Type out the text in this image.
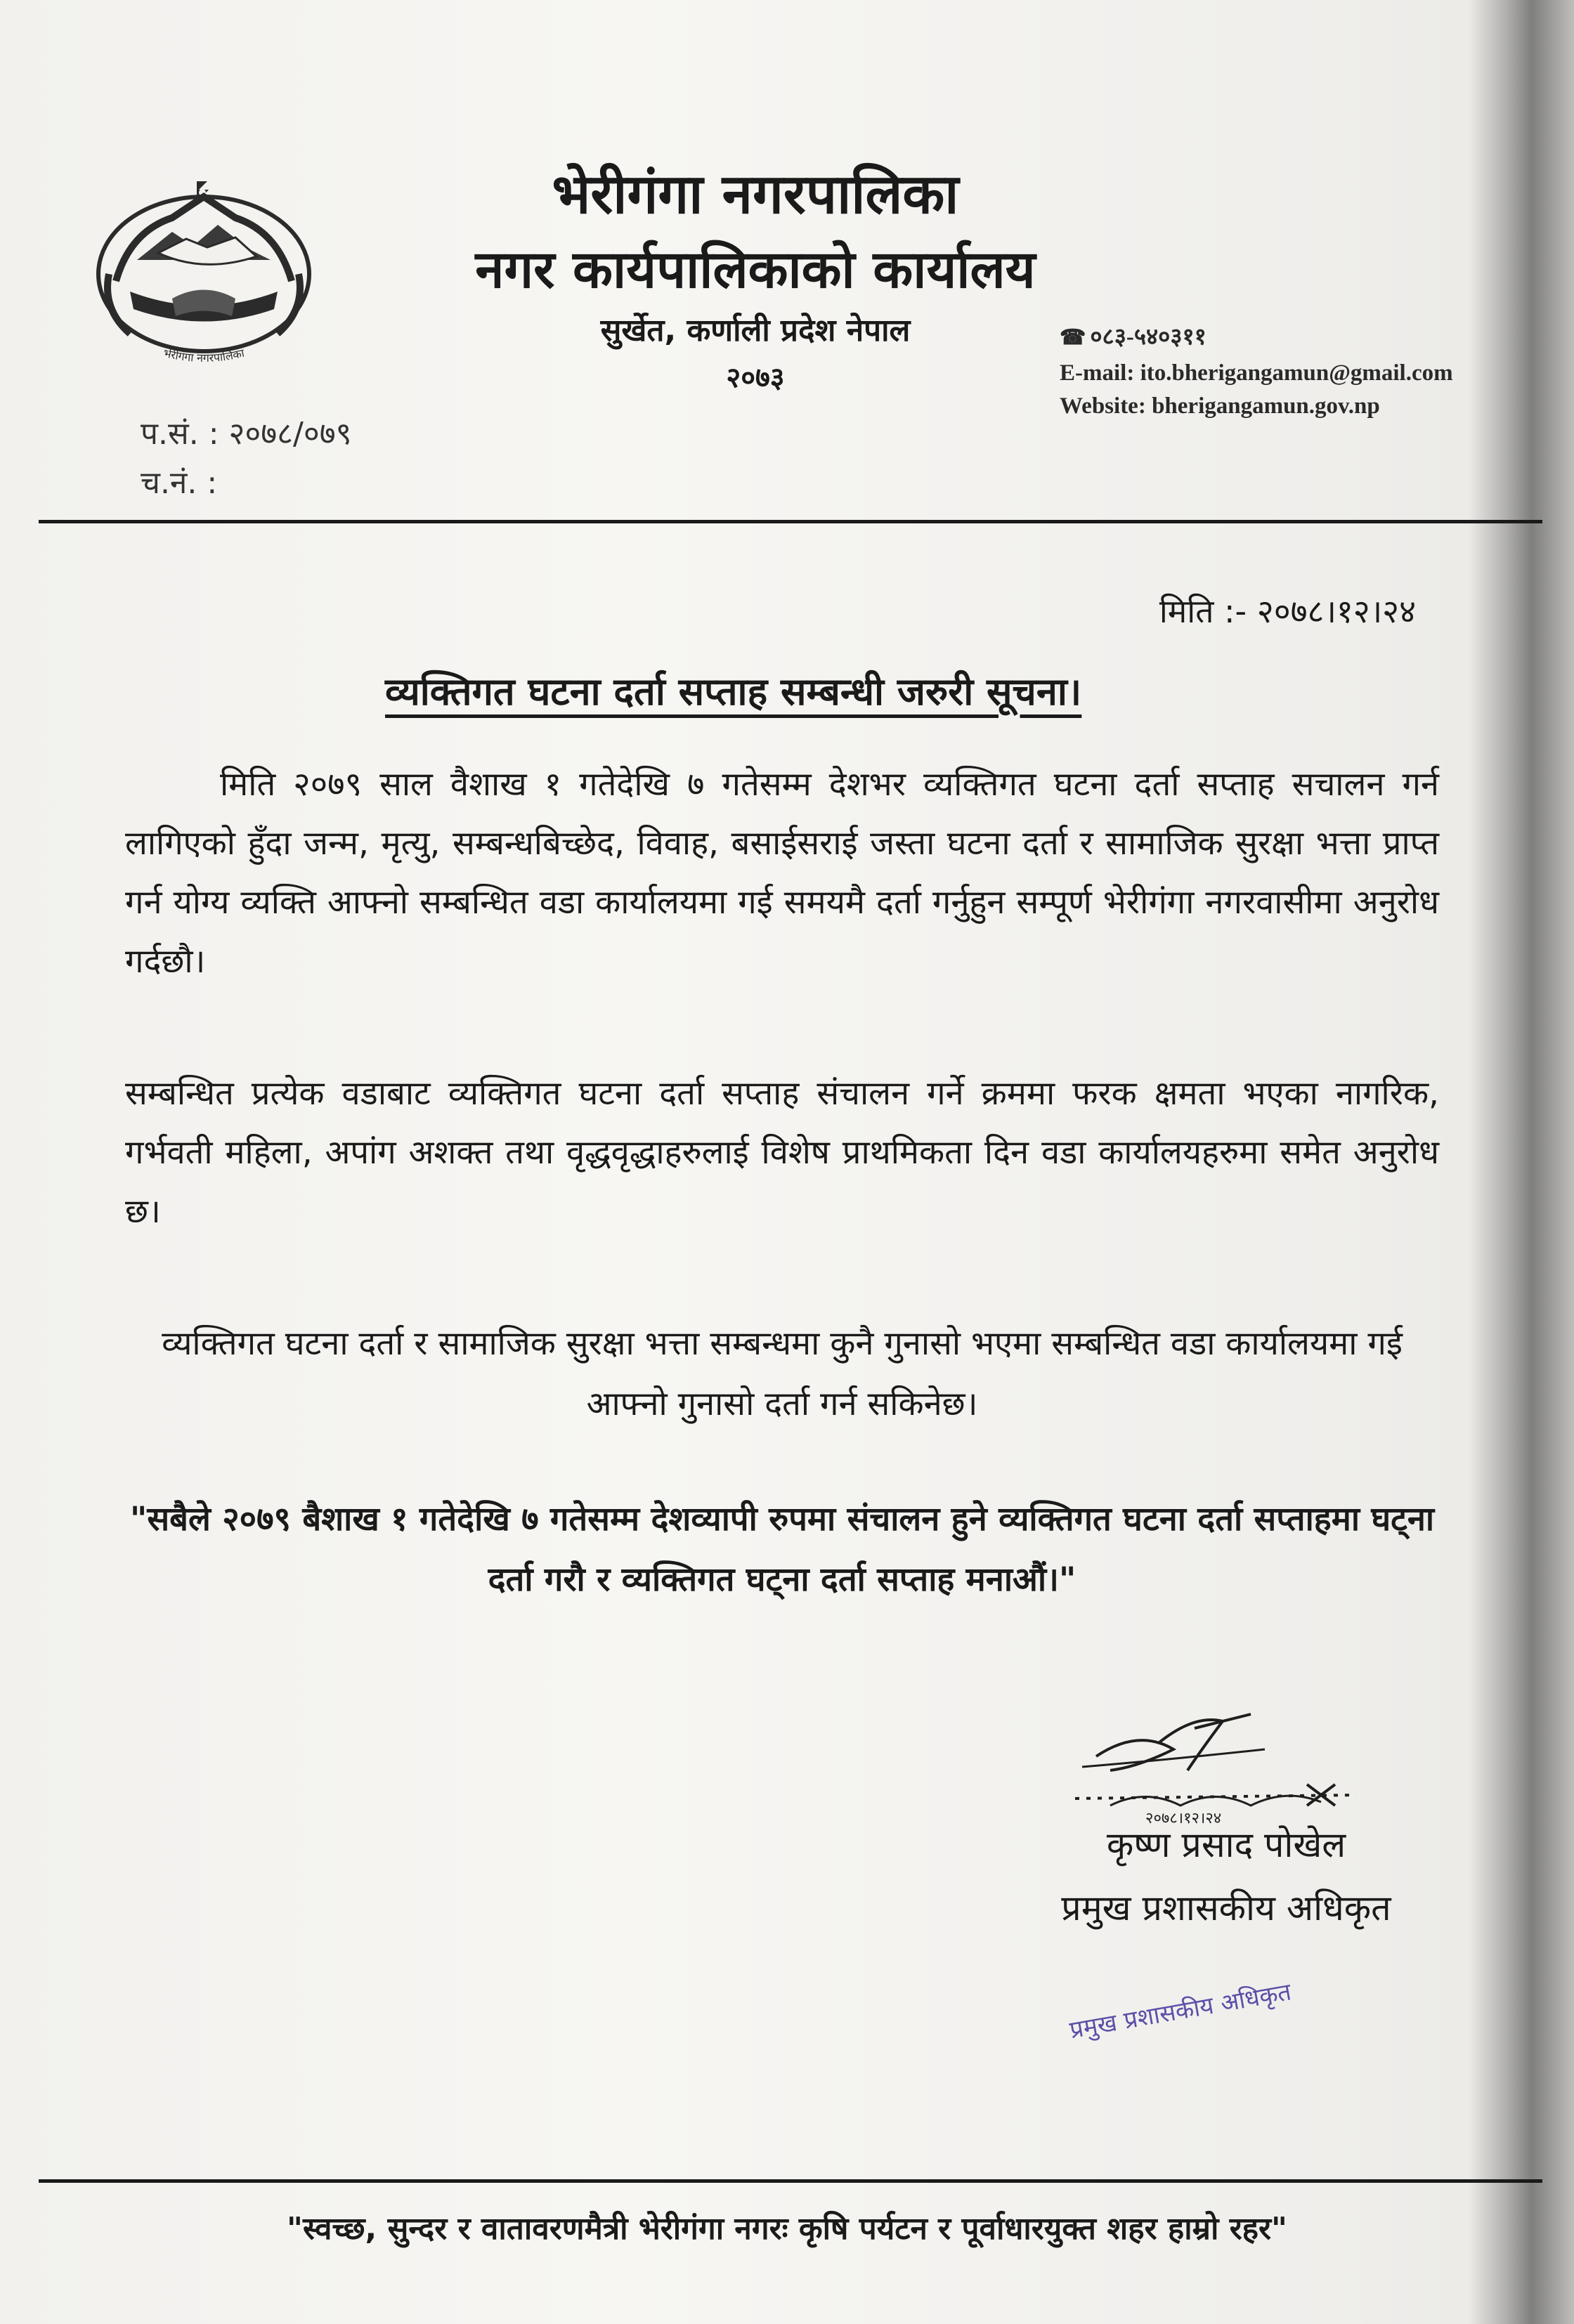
भेरीगंगा नगरपालिका
भेरीगंगा नगरपालिका
नगर कार्यपालिकाको कार्यालय
सुर्खेत, कर्णाली प्रदेश नेपाल
२०७३
☎ ०८३-५४०३११
E-mail: ito.bherigangamun@gmail.com
Website: bherigangamun.gov.np
प.सं. : २०७८/०७९
च.नं. :
मिति :- २०७८।१२।२४
व्यक्तिगत घटना दर्ता सप्ताह सम्बन्धी जरुरी सूचना।
मिति २०७९ साल वैशाख १ गतेदेखि ७ गतेसम्म देशभर व्यक्तिगत घटना दर्ता सप्ताह सचालन गर्न लागिएको हुँदा जन्म, मृत्यु, सम्बन्धबिच्छेद, विवाह, बसाईसराई जस्ता घटना दर्ता र सामाजिक सुरक्षा भत्ता प्राप्त गर्न योग्य व्यक्ति आफ्नो सम्बन्धित वडा कार्यालयमा गई समयमै दर्ता गर्नुहुन सम्पूर्ण भेरीगंगा नगरवासीमा अनुरोध गर्दछौ।
सम्बन्धित प्रत्येक वडाबाट व्यक्तिगत घटना दर्ता सप्ताह संचालन गर्ने क्रममा फरक क्षमता भएका नागरिक, गर्भवती महिला, अपांग अशक्त तथा वृद्धवृद्धाहरुलाई विशेष प्राथमिकता दिन वडा कार्यालयहरुमा समेत अनुरोध छ।
व्यक्तिगत घटना दर्ता र सामाजिक सुरक्षा भत्ता सम्बन्धमा कुनै गुनासो भएमा सम्बन्धित वडा कार्यालयमा गई आफ्नो गुनासो दर्ता गर्न सकिनेछ।
"सबैले २०७९ बैशाख १ गतेदेखि ७ गतेसम्म देशव्यापी रुपमा संचालन हुने व्यक्तिगत घटना दर्ता सप्ताहमा घट्ना दर्ता गरौ र व्यक्तिगत घट्ना दर्ता सप्ताह मनाऔं।"
२०७८।१२।२४
कृष्ण प्रसाद पोखेल
प्रमुख प्रशासकीय अधिकृत
प्रमुख प्रशासकीय अधिकृत
"स्वच्छ, सुन्दर र वातावरणमैत्री भेरीगंगा नगरः कृषि पर्यटन र पूर्वाधारयुक्त शहर हाम्रो रहर"
